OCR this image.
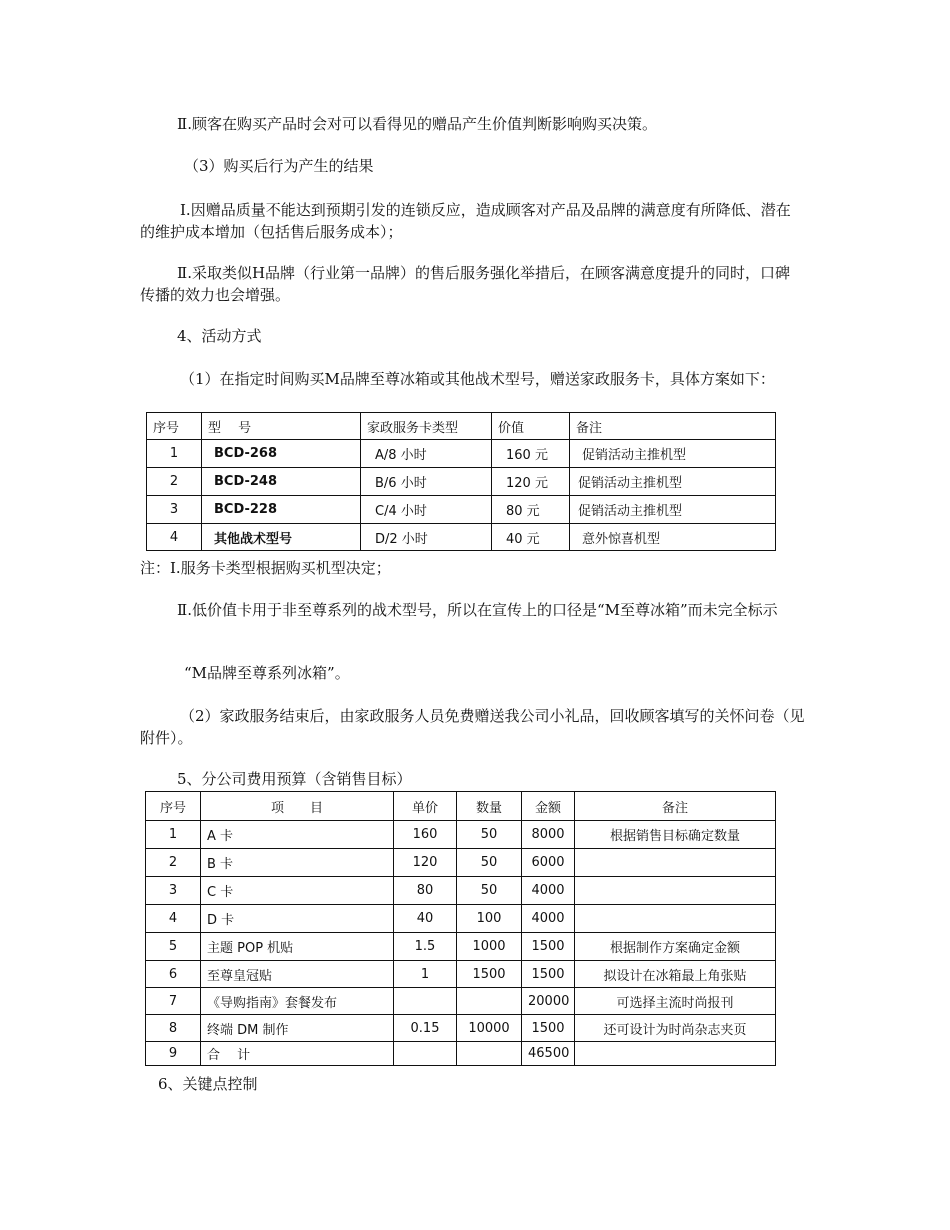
Ⅱ.顾客在购买产品时会对可以看得见的赠品产生价值判断影响购买决策。

（3）购买后行为产生的结果

Ⅰ.因赠品质量不能达到预期引发的连锁反应，造成顾客对产品及品牌的满意度有所降低、潜在的维护成本增加（包括售后服务成本）；

Ⅱ.采取类似H品牌（行业第一品牌）的售后服务强化举措后，在顾客满意度提升的同时，口碑传播的效力也会增强。

4、活动方式

（1）在指定时间购买M品牌至尊冰箱或其他战术型号，赠送家政服务卡，具体方案如下：

序号	型　 号	家政服务卡类型	价值	备注
1	BCD-268	A/8 小时	160 元	促销活动主推机型
2	BCD-248	B/6 小时	120 元	促销活动主推机型
3	BCD-228	C/4 小时	80 元	促销活动主推机型
4	其他战术型号	D/2 小时	40 元	意外惊喜机型

注：Ⅰ.服务卡类型根据购买机型决定；

Ⅱ.低价值卡用于非至尊系列的战术型号，所以在宣传上的口径是“M至尊冰箱”而未完全标示

“M品牌至尊系列冰箱”。

（2）家政服务结束后，由家政服务人员免费赠送我公司小礼品，回收顾客填写的关怀问卷（见附件）。

5、分公司费用预算（含销售目标）

序号	项　　目	单价	数量	金额	备注
1	A 卡	160	50	8000	根据销售目标确定数量
2	B 卡	120	50	6000	
3	C 卡	80	50	4000	
4	D 卡	40	100	4000	
5	主题 POP 机贴	1.5	1000	1500	根据制作方案确定金额
6	至尊皇冠贴	1	1500	1500	拟设计在冰箱最上角张贴
7	《导购指南》套餐发布			20000	可选择主流时尚报刊
8	终端 DM 制作	0.15	10000	1500	还可设计为时尚杂志夹页
9	合　 计			46500	

6、关键点控制
